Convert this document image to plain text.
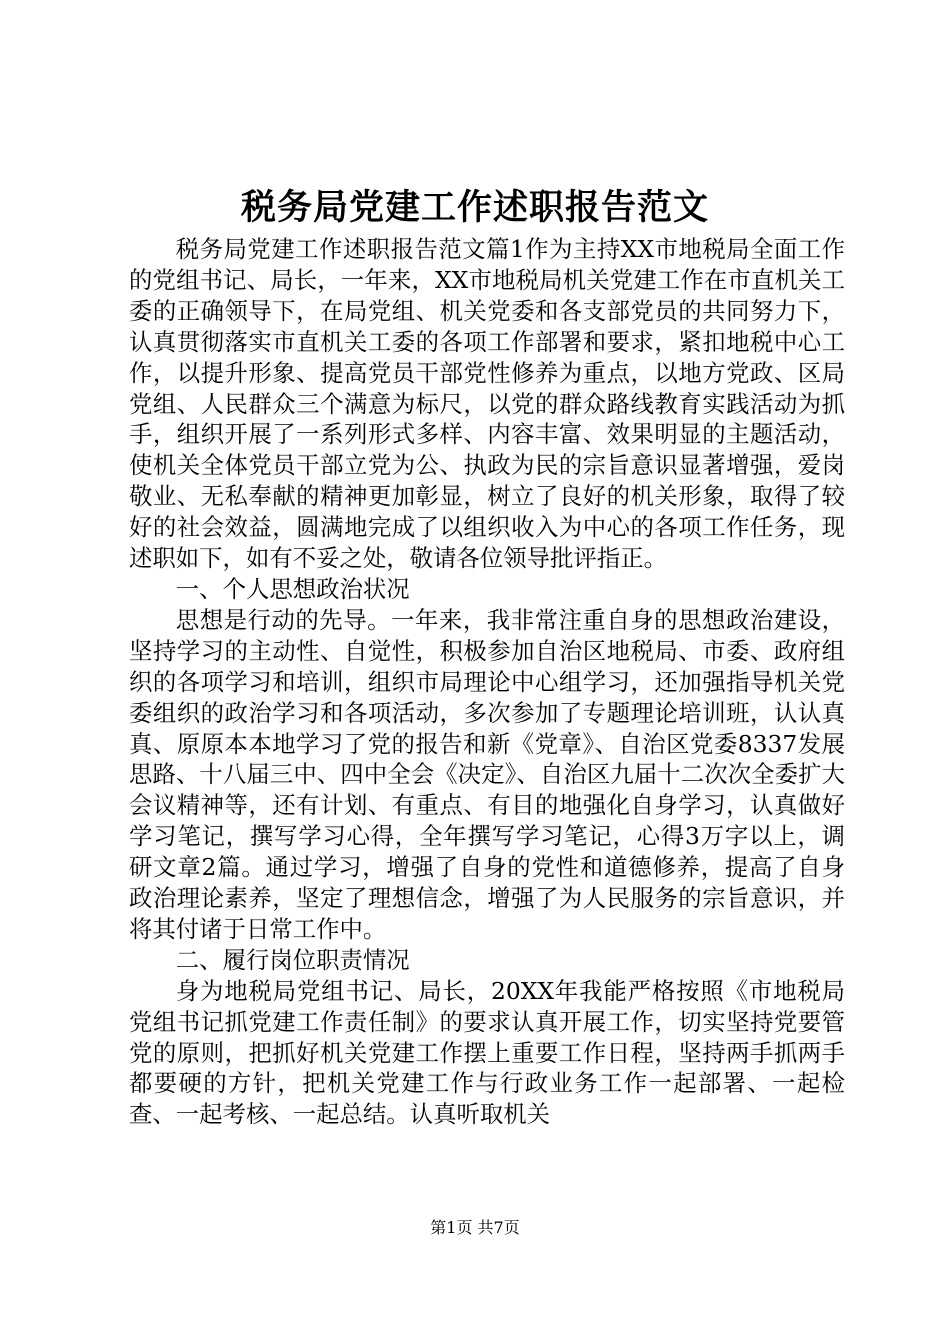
税务局党建工作述职报告范文

税务局党建工作述职报告范文篇1作为主持XX市地税局全面工作的党组书记、局长，一年来，XX市地税局机关党建工作在市直机关工委的正确领导下，在局党组、机关党委和各支部党员的共同努力下，认真贯彻落实市直机关工委的各项工作部署和要求，紧扣地税中心工作，以提升形象、提高党员干部党性修养为重点，以地方党政、区局党组、人民群众三个满意为标尺，以党的群众路线教育实践活动为抓手，组织开展了一系列形式多样、内容丰富、效果明显的主题活动，使机关全体党员干部立党为公、执政为民的宗旨意识显著增强，爱岗敬业、无私奉献的精神更加彰显，树立了良好的机关形象，取得了较好的社会效益，圆满地完成了以组织收入为中心的各项工作任务，现述职如下，如有不妥之处，敬请各位领导批评指正。

一、个人思想政治状况

思想是行动的先导。一年来，我非常注重自身的思想政治建设，坚持学习的主动性、自觉性，积极参加自治区地税局、市委、政府组织的各项学习和培训，组织市局理论中心组学习，还加强指导机关党委组织的政治学习和各项活动，多次参加了专题理论培训班，认认真真、原原本本地学习了党的报告和新《党章》、自治区党委8337发展思路、十八届三中、四中全会《决定》、自治区九届十二次次全委扩大会议精神等，还有计划、有重点、有目的地强化自身学习，认真做好学习笔记，撰写学习心得，全年撰写学习笔记，心得3万字以上，调研文章2篇。通过学习，增强了自身的党性和道德修养，提高了自身政治理论素养，坚定了理想信念，增强了为人民服务的宗旨意识，并将其付诸于日常工作中。

二、履行岗位职责情况

身为地税局党组书记、局长，20XX年我能严格按照《市地税局党组书记抓党建工作责任制》的要求认真开展工作，切实坚持党要管党的原则，把抓好机关党建工作摆上重要工作日程，坚持两手抓两手都要硬的方针，把机关党建工作与行政业务工作一起部署、一起检查、一起考核、一起总结。认真听取机关

第1页 共7页
